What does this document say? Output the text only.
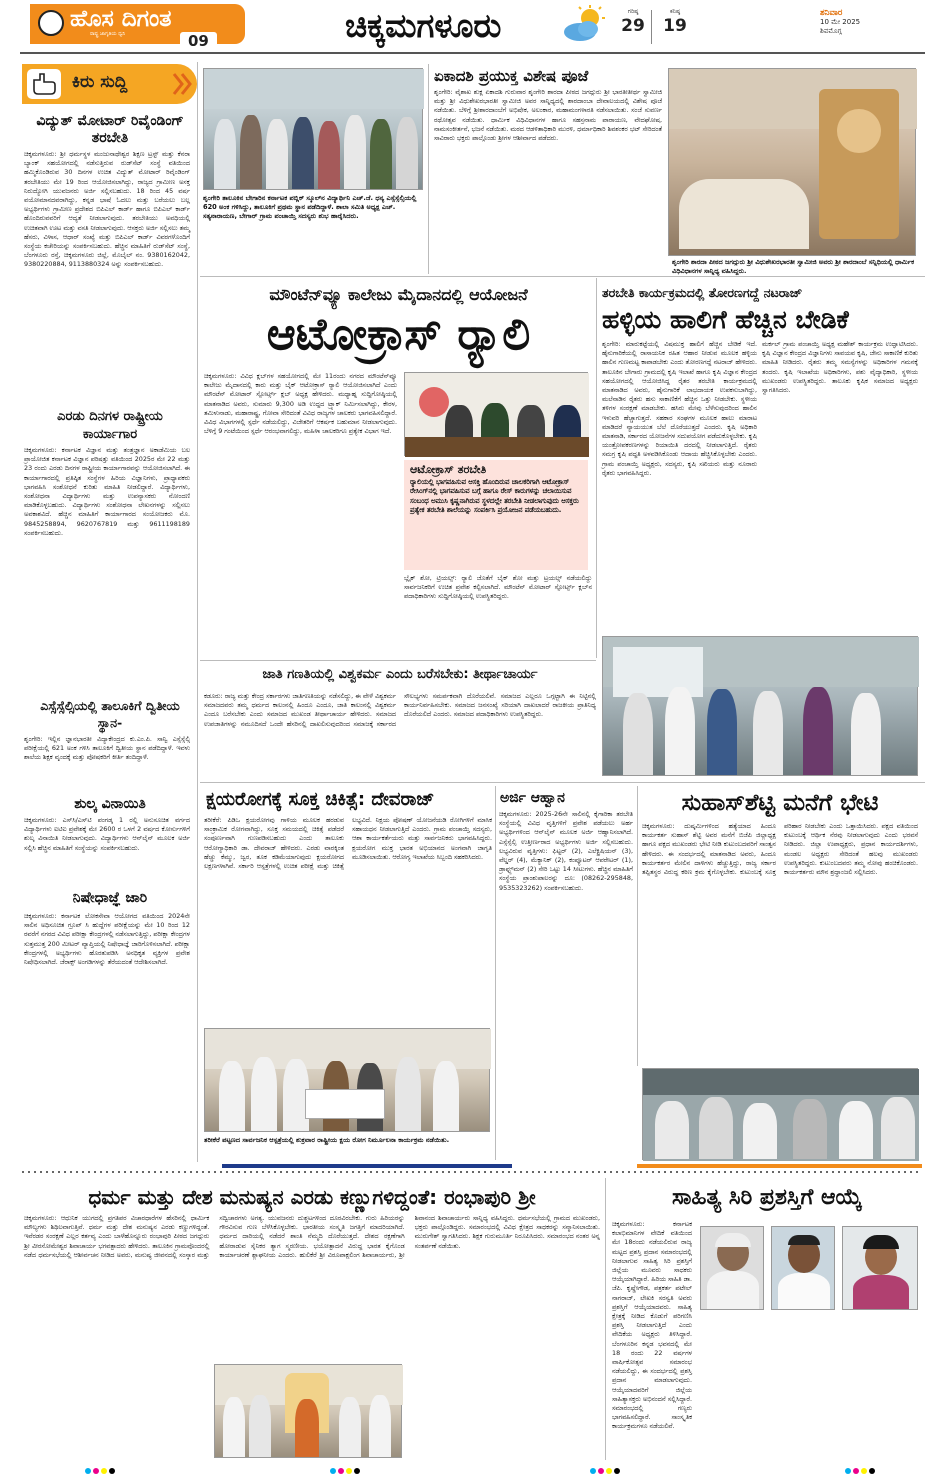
ಹೊಸ ದಿಗಂತ
ರಾಷ್ಟ್ರ ಜಾಗೃತಿಯ ಧ್ವನಿ	09	ಚಿಕ್ಕಮಗಳೂರು	ಗರಿಷ್ಠ
29
ಕನಿಷ್ಠ
19
ಶನಿವಾರ
10 ಮೇ 2025
ಶಿವಮೊಗ್ಗ
ಕಿರು ಸುದ್ದಿ
ವಿದ್ಯುತ್ ಮೋಟಾರ್ ರಿವೈಂಡಿಂಗ್ ತರಬೇತಿ
ಚಿಕ್ಕಮಗಳೂರು: ಶ್ರೀ ಧರ್ಮಸ್ಥಳ ಮಂಜುನಾಥೇಶ್ವರ ಶಿಕ್ಷಣ ಟ್ರಸ್ಟ್ ಮತ್ತು ಕೆನರಾ ಬ್ಯಾಂಕ್ ಸಹಯೋಗದಲ್ಲಿ ನಡೆಸುತ್ತಿರುವ ರುಡ್‌ಸೆಟ್ ಸಂಸ್ಥೆ ವತಿಯಿಂದ ಹಮ್ಮಿಕೊಂಡಿರುವ 30 ದಿನಗಳ ಉಚಿತ ವಿದ್ಯುತ್ ಮೋಟಾರ್ ರಿವೈಂಡಿಂಗ್ ತರಬೇತಿಯು ಮೇ 19 ರಿಂದ ಆಯೋಜಿಸಲಾಗಿದ್ದು, ರಾಜ್ಯದ ಗ್ರಾಮೀಣ ಅಸಕ್ತ ನಿರುದ್ಯೋಗಿ ಯುವಜನರು ಅರ್ಜಿ ಸಲ್ಲಿಸಬಹುದು. 18 ರಿಂದ 45 ವರ್ಷ ವಯೋಮಾನದವರಾಗಿದ್ದು, ಕನ್ನಡ ಭಾಷೆ ಓದಲು ಮತ್ತು ಬರೆಯಲು ಬಲ್ಲ ಅಭ್ಯರ್ಥಿಗಳು ಗ್ರಾಮೀಣ ಪ್ರದೇಶದ ಬಿಪಿಎಲ್ ಕಾರ್ಡ್ ಹಾಗೂ ಬಿಪಿಎಲ್ ಕಾರ್ಡ್ ಹೊಂದಿರುವವರಿಗೆ ಆದ್ಯತೆ ನೀಡಲಾಗುವುದು. ತರಬೇತಿಯು ಅವಧಿಯಲ್ಲಿ ಉಚಿತವಾಗಿ ಊಟ ಮತ್ತು ವಸತಿ ನೀಡಲಾಗುವುದು. ಆಸಕ್ತರು ಅರ್ಜಿ ಸಲ್ಲಿಸಲು ತಮ್ಮ ಹೆಸರು, ವಿಳಾಸ, ಆಧಾರ್ ಸಂಖ್ಯೆ ಮತ್ತು ಬಿಪಿಎಲ್ ಕಾರ್ಡ್ ವಿವರಗಳೊಂದಿಗೆ ಸಂಸ್ಥೆಯ ಕಚೇರಿಯನ್ನು ಸಂಪರ್ಕಿಸಬಹುದು. ಹೆಚ್ಚಿನ ಮಾಹಿತಿಗೆ ರುಡ್‌ಸೆಟ್ ಸಂಸ್ಥೆ, ಬೆಂಗಳೂರು ರಸ್ತೆ, ಚಿಕ್ಕಮಗಳೂರು ಜಿಲ್ಲೆ, ಮೊಬೈಲ್ ನಂ. 9380162042, 9380220884, 9113880324 ಅನ್ನು ಸಂಪರ್ಕಿಸಬಹುದು.
ಎರಡು ದಿನಗಳ ರಾಷ್ಟ್ರೀಯ ಕಾರ್ಯಾಗಾರ
ಚಿಕ್ಕಮಗಳೂರು: ಕರ್ನಾಟಕ ವಿಜ್ಞಾನ ಮತ್ತು ತಂತ್ರಜ್ಞಾನ ಅಕಾಡೆಮಿಯ ಬಲ ಪ್ರಾಯೋಜಿತ ಕರ್ನಾಟಕ ವಿಜ್ಞಾನ ಪರಿಷತ್ತು ವತಿಯಿಂದ 2025ರ ಮೇ 22 ಮತ್ತು 23 ರಂದು ಎರಡು ದಿನಗಳ ರಾಷ್ಟ್ರೀಯ ಕಾರ್ಯಾಗಾರವನ್ನು ಆಯೋಜಿಸಲಾಗಿದೆ. ಈ ಕಾರ್ಯಾಗಾರದಲ್ಲಿ ಪ್ರತಿಷ್ಠಿತ ಸಂಸ್ಥೆಗಳ ಹಿರಿಯ ವಿಜ್ಞಾನಿಗಳು, ಪ್ರಾಧ್ಯಾಪಕರು ಭಾಗವಹಿಸಿ ಸಂಶೋಧನೆ ಕುರಿತು ಮಾಹಿತಿ ನೀಡಲಿದ್ದಾರೆ. ವಿದ್ಯಾರ್ಥಿಗಳು, ಸಂಶೋಧನಾ ವಿದ್ಯಾರ್ಥಿಗಳು ಮತ್ತು ಉಪನ್ಯಾಸಕರು ನೋಂದಣಿ ಮಾಡಿಕೊಳ್ಳಬಹುದು. ವಿದ್ಯಾರ್ಥಿಗಳು ಸಂಶೋಧನಾ ಲೇಖನಗಳನ್ನು ಸಲ್ಲಿಸಲು ಅವಕಾಶವಿದೆ. ಹೆಚ್ಚಿನ ಮಾಹಿತಿಗೆ ಕಾರ್ಯಾಗಾರದ ಸಂಯೋಜಕರು ಮೊ. 9845258894, 9620767819 ಮತ್ತು 9611198189 ಸಂಪರ್ಕಿಸಬಹುದು.
ಎಸ್ಸೆಸ್ಸೆಲ್ಸಿಯಲ್ಲಿ ತಾಲೂಕಿಗೆ ದ್ವಿತೀಯ ಸ್ಥಾನ-
ಶೃಂಗೇರಿ: ಇಲ್ಲಿನ ಜ್ಞಾನಭಾರತೀ ವಿದ್ಯಾಕೇಂದ್ರದ ಕು.ಎಂ.ಪಿ. ಸಾನ್ವಿ ಎಸ್ಸೆಸ್ಸೆಲ್ಸಿ ಪರೀಕ್ಷೆಯಲ್ಲಿ 621 ಅಂಕ ಗಳಿಸಿ ತಾಲೂಕಿಗೆ ದ್ವಿತೀಯ ಸ್ಥಾನ ಪಡೆದಿದ್ದಾಳೆ. ಇವಳು ಶಾಲೆಯ ಶಿಕ್ಷಕ ವೃಂದಕ್ಕೆ ಮತ್ತು ಪೋಷಕರಿಗೆ ಕೀರ್ತಿ ತಂದಿದ್ದಾಳೆ.
ಶುಲ್ಕ ವಿನಾಯಿತಿ
ಚಿಕ್ಕಮಗಳೂರು: ಎಸ್‌ಸಿ/ಎಸ್‌ಟಿ ಪಂಗಡ್ಕ 1 ರಲ್ಲಿ ಅನುಸೂಚಿತ ವರ್ಗದ ವಿದ್ಯಾರ್ಥಿಗಳು ಐಟಿಐ ಪ್ರವೇಶಕ್ಕೆ ಮೇ 2600 ರ ಒಳಗೆ 2 ವರ್ಷದ ಕೋರ್ಸುಗಳಿಗೆ ಶುಲ್ಕ ವಿನಾಯಿತಿ ನೀಡಲಾಗುವುದು. ವಿದ್ಯಾರ್ಥಿಗಳು ಆನ್‌ಲೈನ್ ಮೂಲಕ ಅರ್ಜಿ ಸಲ್ಲಿಸಿ ಹೆಚ್ಚಿನ ಮಾಹಿತಿಗೆ ಸಂಸ್ಥೆಯನ್ನು ಸಂಪರ್ಕಿಸಬಹುದು.
ನಿಷೇಧಾಜ್ಞೆ ಜಾರಿ
ಚಿಕ್ಕಮಗಳೂರು: ಕರ್ನಾಟಕ ಲೋಕಸೇವಾ ಆಯೋಗದ ವತಿಯಿಂದ 2024ನೇ ಸಾಲಿನ ಅಧಿಸೂಚಿತ ಗ್ರೂಪ್ ಸಿ ಹುದ್ದೆಗಳ ಪರೀಕ್ಷೆಯನ್ನು ಮೇ 10 ರಿಂದ 12 ರವರೆಗೆ ನಗರದ ವಿವಿಧ ಪರೀಕ್ಷಾ ಕೇಂದ್ರಗಳಲ್ಲಿ ನಡೆಸಲಾಗುತ್ತಿದ್ದು, ಪರೀಕ್ಷಾ ಕೇಂದ್ರಗಳ ಸುತ್ತಮುತ್ತ 200 ಮೀಟರ್ ವ್ಯಾಪ್ತಿಯಲ್ಲಿ ನಿಷೇಧಾಜ್ಞೆ ಜಾರಿಗೊಳಿಸಲಾಗಿದೆ. ಪರೀಕ್ಷಾ ಕೇಂದ್ರಗಳಲ್ಲಿ ಅಭ್ಯರ್ಥಿಗಳು ಹೊರತುಪಡಿಸಿ ಅನಧಿಕೃತ ವ್ಯಕ್ತಿಗಳ ಪ್ರವೇಶ ನಿಷೇಧಿಸಲಾಗಿದೆ. ಜೆರಾಕ್ಸ್ ಅಂಗಡಿಗಳನ್ನು ತೆರೆಯದಂತೆ ಆದೇಶಿಸಲಾಗಿದೆ.
ಶೃಂಗೇರಿ ತಾಲೂಕಿನ ಬೇಗಾರಿನ ಕರ್ನಾಟಕ ಪಬ್ಲಿಕ್ ಸ್ಕೂಲ್‌ನ ವಿದ್ಯಾರ್ಥಿನಿ ಎಚ್.ಜೆ. ಧನ್ಯ ಎಸ್ಸೆಸ್ಸೆಲ್ಸಿಯಲ್ಲಿ 620 ಅಂಕ ಗಳಿಸಿದ್ದು, ತಾಲೂಕಿಗೆ ಪ್ರಥಮ ಸ್ಥಾನ ಪಡೆದಿದ್ದಾಳೆ. ಶಾಲಾ ಸಮಿತಿ ಅಧ್ಯಕ್ಷ ಎಚ್. ಸತ್ಯನಾರಾಯಣ, ಬೇಗಾರ್ ಗ್ರಾಮ ಪಂಚಾಯ್ತಿ ಸದಸ್ಯರು ಶುಭ ಹಾರೈಸಿದರು.
ಏಕಾದಶಿ ಪ್ರಯುಕ್ತ ವಿಶೇಷ ಪೂಜೆ
ಶೃಂಗೇರಿ: ವೈಶಾಖ ಶುಕ್ಲ ಏಕಾದಶಿ ಗುರುವಾರ ಶೃಂಗೇರಿ ಶಾರದಾ ಪೀಠದ ಜಗದ್ಗುರು ಶ್ರೀ ಭಾರತೀತೀರ್ಥ ಸ್ವಾಮೀಜಿ ಮತ್ತು ಶ್ರೀ ವಿಧುಶೇಖರಭಾರತೀ ಸ್ವಾಮೀಜಿ ಅವರ ಸಾನ್ನಿಧ್ಯದಲ್ಲಿ ಶಾರದಾಂಬಾ ದೇವಾಲಯದಲ್ಲಿ ವಿಶೇಷ ಪೂಜೆ ನಡೆಯಿತು. ಬೆಳಿಗ್ಗೆ ಶ್ರೀಶಾರದಾಂಬೆಗೆ ಅಭಿಷೇಕ, ಅಲಂಕಾರ, ಮಹಾಮಂಗಳಾರತಿ ನಡೆಸಲಾಯಿತು. ಸಂಜೆ ಸುವರ್ಣ ರಥೋತ್ಸವ ನಡೆಯಿತು. ಧಾರ್ಮಿಕ ವಿಧಿವಿಧಾನಗಳ ಹಾಗೂ ಸಹಸ್ರನಾಮ ಪಾರಾಯಣ, ವೇದಘೋಷ, ನಾಮಸಂಕೀರ್ತನೆ, ಭಜನೆ ನಡೆಯಿತು. ಮಠದ ಆಡಳಿತಾಧಿಕಾರಿ ಮುರಳಿ, ಧರ್ಮಾಧಿಕಾರಿ ಶಿವಶಂಕರ ಭಟ್ ಸೇರಿದಂತೆ ಸಾವಿರಾರು ಭಕ್ತರು ಪಾಲ್ಗೊಂಡು ಶ್ರೀಗಳ ಆಶೀರ್ವಾದ ಪಡೆದರು.
ಶೃಂಗೇರಿ ಶಾರದಾ ಪೀಠದ ಜಗದ್ಗುರು ಶ್ರೀ ವಿಧುಶೇಖರಭಾರತೀ ಸ್ವಾಮೀಜಿ ಅವರು ಶ್ರೀ ಶಾರದಾಂಬೆ ಸನ್ನಿಧಿಯಲ್ಲಿ ಧಾರ್ಮಿಕ ವಿಧಿವಿಧಾನಗಳ ಸಾನ್ನಿಧ್ಯ ವಹಿಸಿದ್ದರು.
ಮೌಂಟೆನ್‌ವ್ಯೂ ಕಾಲೇಜು ಮೈದಾನದಲ್ಲಿ ಆಯೋಜನೆ
ಆಟೋಕ್ರಾಸ್ ರ‍್ಯಾಲಿ
ಚಿಕ್ಕಮಗಳೂರು: ವಿವಿಧ ಕ್ಲಬ್‌ಗಳ ಸಹಯೋಗದಲ್ಲಿ ಮೇ 11ರಂದು ನಗರದ ಮೌಂಟೆನ್‌ವ್ಯೂ ಕಾಲೇಜು ಮೈದಾನದಲ್ಲಿ ಕಾರು ಮತ್ತು ಬೈಕ್ ಆಟೋಕ್ರಾಸ್ ರ‍್ಯಾಲಿ ಆಯೋಜಿಸಲಾಗಿದೆ ಎಂದು ಮೌಂಟೆನ್ ಮೋಟಾರ್ ಸ್ಪೋರ್ಟ್ಸ್ ಕ್ಲಬ್ ಅಧ್ಯಕ್ಷ ಹೇಳಿದರು. ಮಧ್ಯಾಹ್ನ ಸುದ್ದಿಗೋಷ್ಠಿಯಲ್ಲಿ ಮಾತನಾಡಿದ ಅವರು, ಸುಮಾರು 9,300 ಅಡಿ ಉದ್ದದ ಟ್ರ್ಯಾಕ್ ನಿರ್ಮಿಸಲಾಗಿದ್ದು, ಕೇರಳ, ತಮಿಳುನಾಡು, ಮಹಾರಾಷ್ಟ್ರ, ಗೋವಾ ಸೇರಿದಂತೆ ವಿವಿಧ ರಾಜ್ಯಗಳ ಚಾಲಕರು ಭಾಗವಹಿಸಲಿದ್ದಾರೆ. ವಿವಿಧ ವಿಭಾಗಗಳಲ್ಲಿ ಸ್ಪರ್ಧೆ ನಡೆಯಲಿದ್ದು, ವಿಜೇತರಿಗೆ ಆಕರ್ಷಕ ಬಹುಮಾನ ನೀಡಲಾಗುವುದು. ಬೆಳಿಗ್ಗೆ 9 ಗಂಟೆಯಿಂದ ಸ್ಪರ್ಧೆ ಆರಂಭವಾಗಲಿದ್ದು, ಮಹಿಳಾ ಚಾಲಕರಿಗೂ ಪ್ರತ್ಯೇಕ ವಿಭಾಗ ಇದೆ.
ಆಟೋಕ್ರಾಸ್ ತರಬೇತಿ
ರ‍್ಯಾಲಿಯಲ್ಲಿ ಭಾಗವಹಿಸುವ ಆಸಕ್ತಿ ಹೊಂದಿರುವ ಚಾಲಕರಿಗಾಗಿ ಆಟೋಕ್ರಾಸ್ ರೇಸಿಂಗ್‌ನಲ್ಲಿ ಭಾಗವಹಿಸುವ ಬಗ್ಗೆ ಹಾಗೂ ರೇಸ್ ಕಾರುಗಳನ್ನು ಚಲಾಯಿಸುವ ಸಂಬಂಧ ಅಮುಸಿ ಕೃಷ್ಣನಾಗಿರುವ ಸ್ಥಳದಲ್ಲೇ ತರಬೇತಿ ನೀಡಲಾಗುವುದು ಆಸಕ್ತರು ಪ್ರತ್ಯೇಕ ತರಬೇತಿ ಶಾಲೆಯನ್ನು ಸಂಪರ್ಕಿಸಿ ಪ್ರಯೋಜನ ಪಡೆಯಬಹುದು.
ಬ್ಲೈಕ್ ಶೋ, ಟ್ರಿಯಲ್ಸ್: ರ‍್ಯಾಲಿ ಜೊತೆಗೆ ಬೈಕ್ ಶೋ ಮತ್ತು ಟ್ರಯಲ್ಸ್ ನಡೆಯಲಿದ್ದು ಸಾರ್ವಜನಿಕರಿಗೆ ಉಚಿತ ಪ್ರವೇಶ ಕಲ್ಪಿಸಲಾಗಿದೆ. ಮೌಂಟೆನ್ ಮೋಟಾರ್ ಸ್ಪೋರ್ಟ್ಸ್ ಕ್ಲಬ್‌ನ ಪದಾಧಿಕಾರಿಗಳು ಸುದ್ದಿಗೋಷ್ಠಿಯಲ್ಲಿ ಉಪಸ್ಥಿತರಿದ್ದರು.
ತರಬೇತಿ ಕಾರ್ಯಕ್ರಮದಲ್ಲಿ ತೋರಣಗದ್ದೆ ನಟರಾಜ್
ಹಳ್ಳಿಯ ಹಾಲಿಗೆ ಹೆಚ್ಚಿನ ಬೇಡಿಕೆ
ಶೃಂಗೇರಿ: ಮಾರುಕಟ್ಟೆಯಲ್ಲಿ ವಿಷಮುಕ್ತ ಹಾಲಿಗೆ ಹೆಚ್ಚಿನ ಬೇಡಿಕೆ ಇದೆ. ಹೈನುಗಾರಿಕೆಯಲ್ಲಿ ರಾಸಾಯನಿಕ ರಹಿತ ಆಹಾರ ನೀಡುವ ಮೂಲಕ ಹಳ್ಳಿಯ ಹಾಲಿನ ಗುಣಮಟ್ಟ ಕಾಪಾಡಬೇಕು ಎಂದು ತೋರಣಗದ್ದೆ ನಟರಾಜ್ ಹೇಳಿದರು. ತಾಲೂಕಿನ ಬೇಗಾರು ಗ್ರಾಮದಲ್ಲಿ ಕೃಷಿ ಇಲಾಖೆ ಹಾಗೂ ಕೃಷಿ ವಿಜ್ಞಾನ ಕೇಂದ್ರದ ಸಹಯೋಗದಲ್ಲಿ ಆಯೋಜಿಸಿದ್ದ ರೈತರ ತರಬೇತಿ ಕಾರ್ಯಕ್ರಮದಲ್ಲಿ ಮಾತನಾಡಿದ ಅವರು, ಹೈನುಗಾರಿಕೆ ಲಾಭದಾಯಕ ಉಪಕಸುಬಾಗಿದ್ದು, ಮಲೆನಾಡಿನ ರೈತರು ಹಸು ಸಾಕಾಣಿಕೆಗೆ ಹೆಚ್ಚಿನ ಒತ್ತು ನೀಡಬೇಕು. ಸ್ಥಳೀಯ ತಳಿಗಳ ಸಂರಕ್ಷಣೆ ಮಾಡಬೇಕು. ಹಸಿರು ಮೇವು ಬೆಳೆಸುವುದರಿಂದ ಹಾಲಿನ ಇಳುವರಿ ಹೆಚ್ಚಾಗುತ್ತದೆ. ಸಹಕಾರ ಸಂಘಗಳ ಮೂಲಕ ಹಾಲು ಮಾರಾಟ ಮಾಡಿದರೆ ನ್ಯಾಯಯುತ ಬೆಲೆ ದೊರೆಯುತ್ತದೆ ಎಂದರು. ಕೃಷಿ ಅಧಿಕಾರಿ ಮಾತನಾಡಿ, ಸರ್ಕಾರದ ಯೋಜನೆಗಳ ಸದುಪಯೋಗ ಪಡೆದುಕೊಳ್ಳಬೇಕು. ಕೃಷಿ ಯಂತ್ರೋಪಕರಣಗಳನ್ನು ರಿಯಾಯಿತಿ ದರದಲ್ಲಿ ನೀಡಲಾಗುತ್ತಿದೆ. ರೈತರು ಸಮಗ್ರ ಕೃಷಿ ಪದ್ಧತಿ ಅಳವಡಿಸಿಕೊಂಡು ಆದಾಯ ಹೆಚ್ಚಿಸಿಕೊಳ್ಳಬೇಕು ಎಂದರು. ಗ್ರಾಮ ಪಂಚಾಯ್ತಿ ಅಧ್ಯಕ್ಷರು, ಸದಸ್ಯರು, ಕೃಷಿ ಸಖಿಯರು ಮತ್ತು ನೂರಾರು ರೈತರು ಭಾಗವಹಿಸಿದ್ದರು.
ಮರ್ಕಲ್ ಗ್ರಾಮ ಪಂಚಾಯ್ತಿ ಅಧ್ಯಕ್ಷ ಮಹೇಶ್ ಕಾರ್ಯಕ್ರಮ ಉದ್ಘಾಟಿಸಿದರು. ಕೃಷಿ ವಿಜ್ಞಾನ ಕೇಂದ್ರದ ವಿಜ್ಞಾನಿಗಳು ಸಾವಯವ ಕೃಷಿ, ಜೇನು ಸಾಕಾಣಿಕೆ ಕುರಿತು ಮಾಹಿತಿ ನೀಡಿದರು. ರೈತರು ತಮ್ಮ ಸಮಸ್ಯೆಗಳನ್ನು ಅಧಿಕಾರಿಗಳ ಗಮನಕ್ಕೆ ತಂದರು. ಕೃಷಿ ಇಲಾಖೆಯ ಅಧಿಕಾರಿಗಳು, ಪಶು ವೈದ್ಯಾಧಿಕಾರಿ, ಸ್ಥಳೀಯ ಮುಖಂಡರು ಉಪಸ್ಥಿತರಿದ್ದರು. ತಾಲೂಕು ಕೃಷಿಕ ಸಮಾಜದ ಅಧ್ಯಕ್ಷರು ಸ್ವಾಗತಿಸಿದರು.
ಜಾತಿ ಗಣತಿಯಲ್ಲಿ ವಿಶ್ವಕರ್ಮ ಎಂದು ಬರೆಸಬೇಕು: ತೀರ್ಥಾಚಾರ್ಯ
ಕಡೂರು: ರಾಜ್ಯ ಮತ್ತು ಕೇಂದ್ರ ಸರ್ಕಾರಗಳು ಜಾತಿಗಣತಿಯನ್ನು ನಡೆಸಲಿದ್ದು, ಈ ವೇಳೆ ವಿಶ್ವಕರ್ಮ ಸಮಾಜದವರು ತಮ್ಮ ಧರ್ಮದ ಕಾಲಂನಲ್ಲಿ ಹಿಂದೂ ಎಂದೂ, ಜಾತಿ ಕಾಲಂನಲ್ಲಿ ವಿಶ್ವಕರ್ಮ ಎಂದೂ ಬರೆಸಬೇಕು ಎಂದು ಸಮಾಜದ ಮುಖಂಡ ತೀರ್ಥಾಚಾರ್ಯ ಹೇಳಿದರು. ಸಮಾಜದ ಉಪಜಾತಿಗಳನ್ನು ನಮೂದಿಸದೆ ಒಂದೇ ಹೆಸರಿನಲ್ಲಿ ದಾಖಲಿಸುವುದರಿಂದ ಸಮಾಜಕ್ಕೆ ಸರ್ಕಾರದ ಸೌಲಭ್ಯಗಳು ಸಮರ್ಪಕವಾಗಿ ದೊರೆಯಲಿವೆ. ಸಮಾಜದ ಎಲ್ಲರೂ ಒಗ್ಗಟ್ಟಾಗಿ ಈ ನಿಟ್ಟಿನಲ್ಲಿ ಕಾರ್ಯನಿರ್ವಹಿಸಬೇಕು. ಸಮಾಜದ ಜನಸಂಖ್ಯೆ ಸರಿಯಾಗಿ ದಾಖಲಾದರೆ ರಾಜಕೀಯ ಪ್ರಾತಿನಿಧ್ಯ ದೊರೆಯಲಿದೆ ಎಂದರು. ಸಮಾಜದ ಪದಾಧಿಕಾರಿಗಳು ಉಪಸ್ಥಿತರಿದ್ದರು.
ಕ್ಷಯರೋಗಕ್ಕೆ ಸೂಕ್ತ ಚಿಕಿತ್ಸೆ: ದೇವರಾಜ್
ತರೀಕೆರೆ: ಪಿಡಿಒ ಕ್ಷಯರೋಗವು ಗಾಳಿಯ ಮೂಲಕ ಹರಡುವ ಸಾಂಕ್ರಾಮಿಕ ರೋಗವಾಗಿದ್ದು, ಸೂಕ್ತ ಸಮಯದಲ್ಲಿ ಚಿಕಿತ್ಸೆ ಪಡೆದರೆ ಸಂಪೂರ್ಣವಾಗಿ ಗುಣಪಡಿಸಬಹುದು ಎಂದು ತಾಲೂಕು ಆರೋಗ್ಯಾಧಿಕಾರಿ ಡಾ. ದೇವರಾಜ್ ಹೇಳಿದರು. ಎರಡು ವಾರಕ್ಕಿಂತ ಹೆಚ್ಚು ಕೆಮ್ಮು, ಜ್ವರ, ತೂಕ ಕಡಿಮೆಯಾಗುವುದು ಕ್ಷಯರೋಗದ ಲಕ್ಷಣಗಳಾಗಿವೆ. ಸರ್ಕಾರಿ ಆಸ್ಪತ್ರೆಗಳಲ್ಲಿ ಉಚಿತ ಪರೀಕ್ಷೆ ಮತ್ತು ಚಿಕಿತ್ಸೆ ಲಭ್ಯವಿದೆ. ನಿಕ್ಷಯ ಪೋಷಣ್ ಯೋಜನೆಯಡಿ ರೋಗಿಗಳಿಗೆ ಮಾಸಿಕ ಸಹಾಯಧನ ನೀಡಲಾಗುತ್ತಿದೆ ಎಂದರು. ಗ್ರಾಮ ಪಂಚಾಯ್ತಿ ಸದಸ್ಯರು, ಆಶಾ ಕಾರ್ಯಕರ್ತೆಯರು ಮತ್ತು ಸಾರ್ವಜನಿಕರು ಭಾಗವಹಿಸಿದ್ದರು. ಕ್ಷಯರೋಗ ಮುಕ್ತ ಭಾರತ ಅಭಿಯಾನದ ಅಂಗವಾಗಿ ಜಾಗೃತಿ ಮೂಡಿಸಲಾಯಿತು. ಆರೋಗ್ಯ ಇಲಾಖೆಯ ಸಿಬ್ಬಂದಿ ಸಹಕರಿಸಿದರು.
ತರೀಕೆರೆ ಪಟ್ಟಣದ ಸಾರ್ವಜನಿಕ ಆಸ್ಪತ್ರೆಯಲ್ಲಿ ಶುಕ್ರವಾರ ರಾಷ್ಟ್ರೀಯ ಕ್ಷಯ ರೋಗ ನಿರ್ಮೂಲನಾ ಕಾರ್ಯಕ್ರಮ ನಡೆಯಿತು.
ಅರ್ಜಿ ಆಹ್ವಾನ
ಚಿಕ್ಕಮಗಳೂರು: 2025-26ನೇ ಸಾಲಿನಲ್ಲಿ ಕೈಗಾರಿಕಾ ತರಬೇತಿ ಸಂಸ್ಥೆಯಲ್ಲಿ ವಿವಿಧ ವೃತ್ತಿಗಳಿಗೆ ಪ್ರವೇಶ ಪಡೆಯಲು ಅರ್ಹ ಅಭ್ಯರ್ಥಿಗಳಿಂದ ಆನ್‌ಲೈನ್ ಮೂಲಕ ಅರ್ಜಿ ಆಹ್ವಾನಿಸಲಾಗಿದೆ. ಎಸ್ಸೆಸ್ಸೆಲ್ಸಿ ಉತ್ತೀರ್ಣರಾದ ಅಭ್ಯರ್ಥಿಗಳು ಅರ್ಜಿ ಸಲ್ಲಿಸಬಹುದು. ಲಭ್ಯವಿರುವ ವೃತ್ತಿಗಳು: ಫಿಟ್ಟರ್ (2), ಎಲೆಕ್ಟ್ರಿಷಿಯನ್ (3), ವೆಲ್ಡರ್ (4), ಮೆಕ್ಯಾನಿಕ್ (2), ಕಂಪ್ಯೂಟರ್ ಆಪರೇಟರ್ (1), ಡ್ರಾಫ್ಟ್ಸ್‌ಮನ್ (2) ಸೇರಿ ಒಟ್ಟು 14 ಸೀಟುಗಳು. ಹೆಚ್ಚಿನ ಮಾಹಿತಿಗೆ ಸಂಸ್ಥೆಯ ಪ್ರಾಂಶುಪಾಲರನ್ನು ದೂ: (08262-295848, 9535323262) ಸಂಪರ್ಕಿಸಬಹುದು.
ಸುಹಾಸ್‌ಶೆಟ್ಟಿ ಮನೆಗೆ ಭೇಟಿ
ಚಿಕ್ಕಮಗಳೂರು: ದುಷ್ಕರ್ಮಿಗಳಿಂದ ಹತ್ಯೆಯಾದ ಹಿಂದೂ ಕಾರ್ಯಕರ್ತ ಸುಹಾಸ್ ಶೆಟ್ಟಿ ಅವರ ಮನೆಗೆ ಬಿಜೆಪಿ ಜಿಲ್ಲಾಧ್ಯಕ್ಷ ಹಾಗೂ ಪಕ್ಷದ ಮುಖಂಡರು ಭೇಟಿ ನೀಡಿ ಕುಟುಂಬದವರಿಗೆ ಸಾಂತ್ವನ ಹೇಳಿದರು. ಈ ಸಂದರ್ಭದಲ್ಲಿ ಮಾತನಾಡಿದ ಅವರು, ಹಿಂದೂ ಕಾರ್ಯಕರ್ತರ ಮೇಲಿನ ದಾಳಿಗಳು ಹೆಚ್ಚುತ್ತಿದ್ದು, ರಾಜ್ಯ ಸರ್ಕಾರ ತಪ್ಪಿತಸ್ಥರ ವಿರುದ್ಧ ಕಠಿಣ ಕ್ರಮ ಕೈಗೊಳ್ಳಬೇಕು. ಕುಟುಂಬಕ್ಕೆ ಸೂಕ್ತ ಪರಿಹಾರ ನೀಡಬೇಕು ಎಂದು ಒತ್ತಾಯಿಸಿದರು. ಪಕ್ಷದ ವತಿಯಿಂದ ಕುಟುಂಬಕ್ಕೆ ಆರ್ಥಿಕ ನೆರವು ನೀಡಲಾಗುವುದು ಎಂದು ಭರವಸೆ ನೀಡಿದರು. ಜಿಲ್ಲಾ ಉಪಾಧ್ಯಕ್ಷರು, ಪ್ರಧಾನ ಕಾರ್ಯದರ್ಶಿಗಳು, ಮಂಡಲ ಅಧ್ಯಕ್ಷರು ಸೇರಿದಂತೆ ಹಲವು ಮುಖಂಡರು ಉಪಸ್ಥಿತರಿದ್ದರು. ಕುಟುಂಬದವರು ತಮ್ಮ ನೋವು ಹಂಚಿಕೊಂಡರು. ಕಾರ್ಯಕರ್ತರು ಮೌನ ಶ್ರದ್ಧಾಂಜಲಿ ಸಲ್ಲಿಸಿದರು.
ಧರ್ಮ ಮತ್ತು ದೇಶ ಮನುಷ್ಯನ ಎರಡು ಕಣ್ಣುಗಳಿದ್ದಂತೆ: ರಂಭಾಪುರಿ ಶ್ರೀ
ಚಿಕ್ಕಮಗಳೂರು: ಆಧುನಿಕ ಯುಗದಲ್ಲಿ ಪ್ರಗತಿಪರ ವಿಚಾರಧಾರೆಗಳ ಹೆಸರಿನಲ್ಲಿ ಧಾರ್ಮಿಕ ಮೌಲ್ಯಗಳು ಶಿಥಿಲವಾಗುತ್ತಿವೆ. ಧರ್ಮ ಮತ್ತು ದೇಶ ಮನುಷ್ಯನ ಎರಡು ಕಣ್ಣುಗಳಿದ್ದಂತೆ. ಇವೆರಡರ ಸಂರಕ್ಷಣೆ ಎಲ್ಲರ ಕರ್ತವ್ಯ ಎಂದು ಬಾಳೆಹೊನ್ನೂರು ರಂಭಾಪುರಿ ಪೀಠದ ಜಗದ್ಗುರು ಶ್ರೀ ವೀರಸೋಮೇಶ್ವರ ಶಿವಾಚಾರ್ಯ ಭಗವತ್ಪಾದರು ಹೇಳಿದರು. ತಾಲೂಕಿನ ಗ್ರಾಮವೊಂದರಲ್ಲಿ ನಡೆದ ಧರ್ಮಸಭೆಯಲ್ಲಿ ಆಶೀರ್ವಚನ ನೀಡಿದ ಅವರು, ಮನುಷ್ಯ ಜೀವನದಲ್ಲಿ ಸಂಸ್ಕಾರ ಮತ್ತು ಸದ್ವಿಚಾರಗಳು ಅಗತ್ಯ. ಯುವಜನರು ದುಶ್ಚಟಗಳಿಂದ ದೂರವಿರಬೇಕು. ಗುರು ಹಿರಿಯರನ್ನು ಗೌರವಿಸುವ ಗುಣ ಬೆಳೆಸಿಕೊಳ್ಳಬೇಕು. ಭಾರತೀಯ ಸಂಸ್ಕೃತಿ ಜಗತ್ತಿಗೆ ಮಾದರಿಯಾಗಿದೆ. ಧರ್ಮದ ದಾರಿಯಲ್ಲಿ ನಡೆದರೆ ಶಾಂತಿ ನೆಮ್ಮದಿ ದೊರೆಯುತ್ತದೆ. ದೇಶದ ರಕ್ಷಣೆಗಾಗಿ ಹೋರಾಡುವ ಸೈನಿಕರ ತ್ಯಾಗ ಸ್ಮರಣೀಯ. ಭಯೋತ್ಪಾದನೆ ವಿರುದ್ಧ ಭಾರತ ಕೈಗೊಂಡ ಕಾರ್ಯಾಚರಣೆ ಶ್ಲಾಘನೀಯ ಎಂದರು. ಹುಲಿಕೆರೆ ಶ್ರೀ ವಿರೂಪಾಕ್ಷಲಿಂಗ ಶಿವಾಚಾರ್ಯರು, ಶ್ರೀ ಶಿವಾನಂದ ಶಿವಾಚಾರ್ಯರು ಸಾನ್ನಿಧ್ಯ ವಹಿಸಿದ್ದರು. ಧರ್ಮಸಭೆಯಲ್ಲಿ ಗ್ರಾಮದ ಮುಖಂಡರು, ಭಕ್ತರು ಪಾಲ್ಗೊಂಡಿದ್ದರು. ಸಮಾರಂಭದಲ್ಲಿ ವಿವಿಧ ಕ್ಷೇತ್ರದ ಸಾಧಕರನ್ನು ಸನ್ಮಾನಿಸಲಾಯಿತು. ಮುರುಗೇಶ್ ಸ್ವಾಗತಿಸಿದರು. ಶಿಕ್ಷಕ ಗುರುಮೂರ್ತಿ ನಿರೂಪಿಸಿದರು. ಸಮಾರಂಭದ ನಂತರ ಅನ್ನ ಸಂತರ್ಪಣೆ ನಡೆಯಿತು.
ಸಾಹಿತ್ಯ ಸಿರಿ ಪ್ರಶಸ್ತಿಗೆ ಆಯ್ಕೆ
ಚಿಕ್ಕಮಗಳೂರು: ಕರ್ನಾಟಕ ಕಲಾಭಿಮಾನಿಗಳ ವೇದಿಕೆ ವತಿಯಿಂದ ಮೇ 18ರಂದು ನಡೆಯಲಿರುವ ರಾಜ್ಯ ಮಟ್ಟದ ಪ್ರಶಸ್ತಿ ಪ್ರದಾನ ಸಮಾರಂಭದಲ್ಲಿ ನೀಡಲಾಗುವ ಸಾಹಿತ್ಯ ಸಿರಿ ಪ್ರಶಸ್ತಿಗೆ ಜಿಲ್ಲೆಯ ಮೂವರು ಸಾಧಕರು ಆಯ್ಕೆಯಾಗಿದ್ದಾರೆ. ಹಿರಿಯ ಸಾಹಿತಿ ಡಾ. ಜೆಪಿ. ಕೃಷ್ಣೇಗೌಡ, ಪತ್ರಕರ್ತ ಪಟೇಲ್ ನಾಗರಾಜ್, ಲೇಖಕಿ ಸರಸ್ವತಿ ಅವರು ಪ್ರಶಸ್ತಿಗೆ ಆಯ್ಕೆಯಾದವರು. ಸಾಹಿತ್ಯ ಕ್ಷೇತ್ರಕ್ಕೆ ನೀಡಿದ ಕೊಡುಗೆ ಪರಿಗಣಿಸಿ ಪ್ರಶಸ್ತಿ ನೀಡಲಾಗುತ್ತಿದೆ ಎಂದು ವೇದಿಕೆಯ ಅಧ್ಯಕ್ಷರು ತಿಳಿಸಿದ್ದಾರೆ. ಬೆಂಗಳೂರಿನ ಕನ್ನಡ ಭವನದಲ್ಲಿ ಮೇ 18 ರಂದು 22 ವರ್ಷಗಳ ವಾರ್ಷಿಕೋತ್ಸವ ಸಮಾರಂಭ ನಡೆಯಲಿದ್ದು, ಈ ಸಂದರ್ಭದಲ್ಲಿ ಪ್ರಶಸ್ತಿ ಪ್ರದಾನ ಮಾಡಲಾಗುವುದು. ಆಯ್ಕೆಯಾದವರಿಗೆ ಜಿಲ್ಲೆಯ ಸಾಹಿತ್ಯಾಸಕ್ತರು ಅಭಿನಂದನೆ ಸಲ್ಲಿಸಿದ್ದಾರೆ. ಸಮಾರಂಭದಲ್ಲಿ ಗಣ್ಯರು ಭಾಗವಹಿಸಲಿದ್ದಾರೆ. ಸಾಂಸ್ಕೃತಿಕ ಕಾರ್ಯಕ್ರಮಗಳೂ ನಡೆಯಲಿವೆ.
